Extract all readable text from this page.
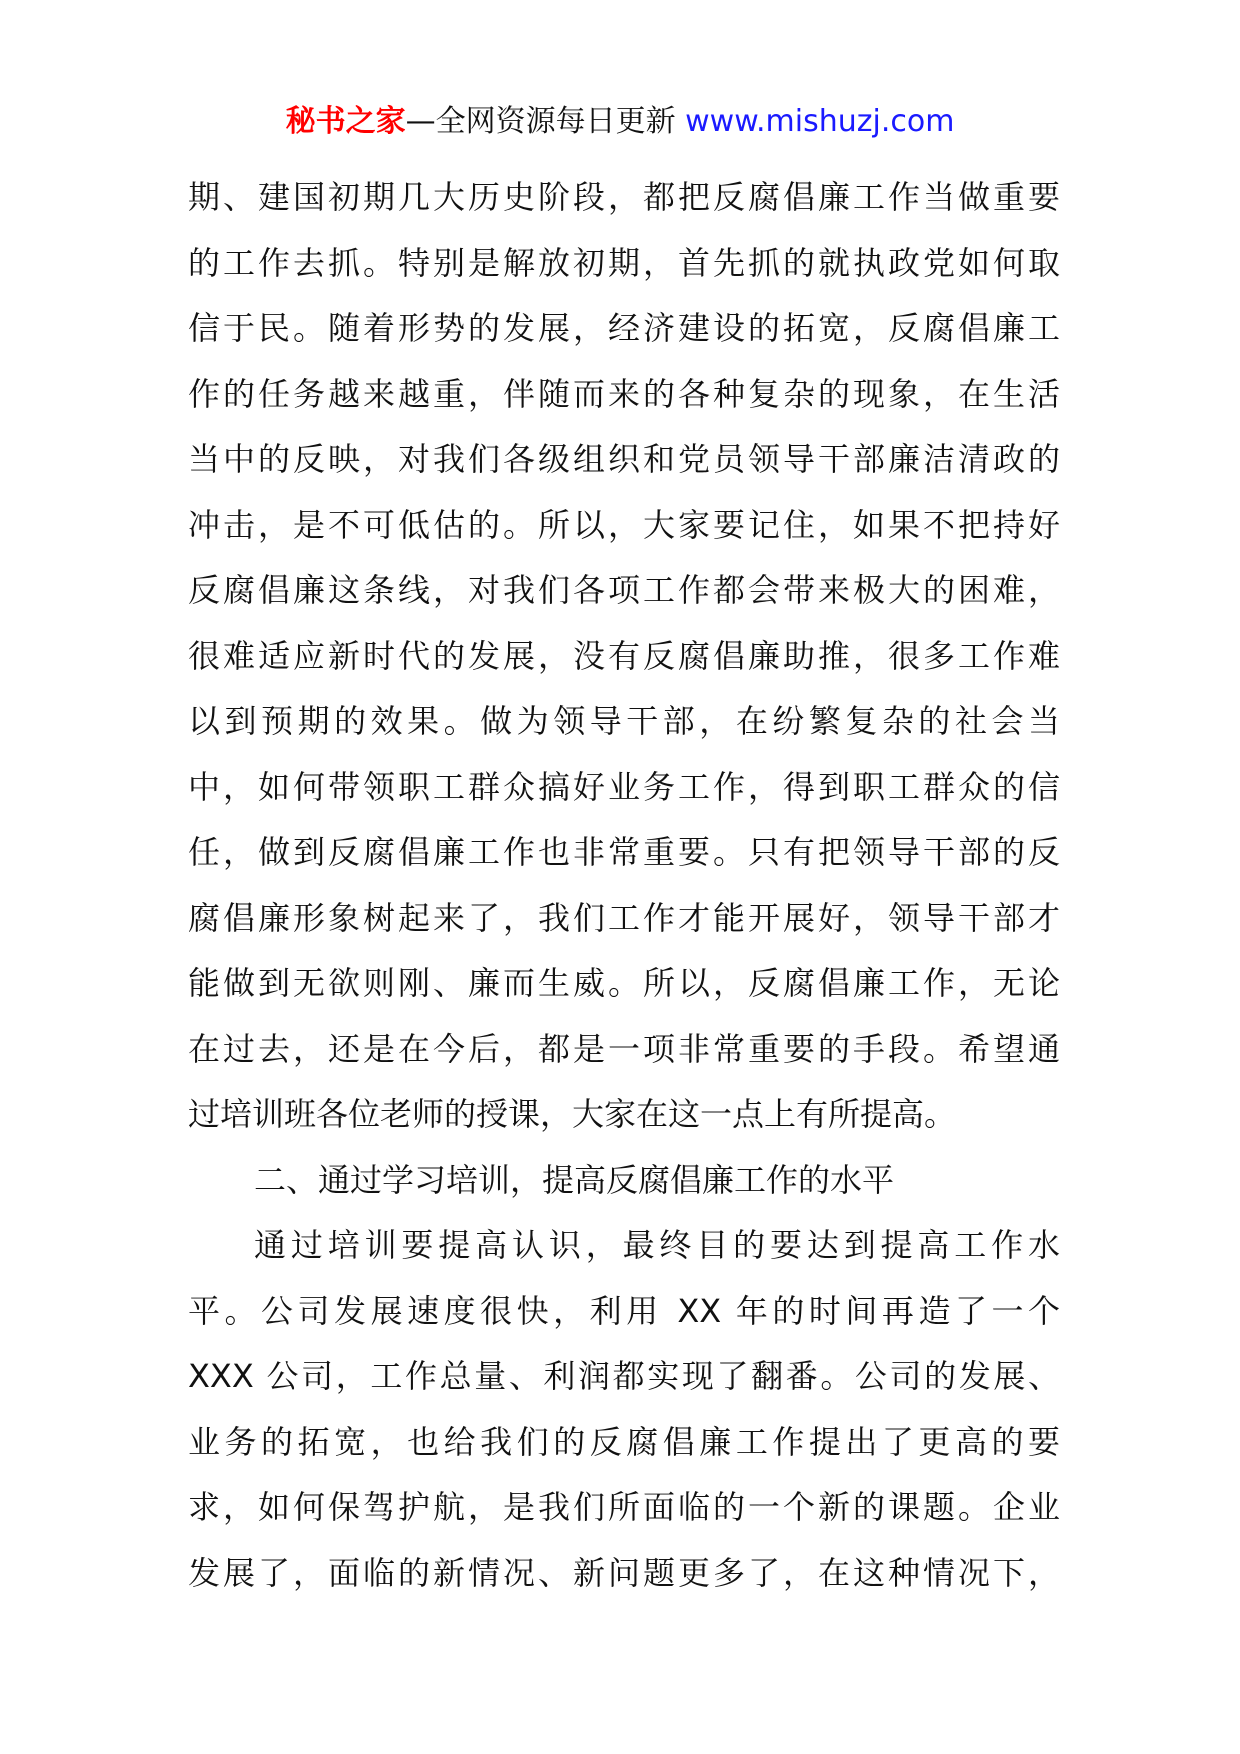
秘书之家—全网资源每日更新 www.mishuzj.com
期、建国初期几大历史阶段，都把反腐倡廉工作当做重要
的工作去抓。特别是解放初期，首先抓的就执政党如何取
信于民。随着形势的发展，经济建设的拓宽，反腐倡廉工
作的任务越来越重，伴随而来的各种复杂的现象，在生活
当中的反映，对我们各级组织和党员领导干部廉洁清政的
冲击，是不可低估的。所以，大家要记住，如果不把持好
反腐倡廉这条线，对我们各项工作都会带来极大的困难，
很难适应新时代的发展，没有反腐倡廉助推，很多工作难
以到预期的效果。做为领导干部，在纷繁复杂的社会当
中，如何带领职工群众搞好业务工作，得到职工群众的信
任，做到反腐倡廉工作也非常重要。只有把领导干部的反
腐倡廉形象树起来了，我们工作才能开展好，领导干部才
能做到无欲则刚、廉而生威。所以，反腐倡廉工作，无论
在过去，还是在今后，都是一项非常重要的手段。希望通
过培训班各位老师的授课，大家在这一点上有所提高。
二、通过学习培训，提高反腐倡廉工作的水平
通过培训要提高认识，最终目的要达到提高工作水
平。公司发展速度很快，利用 XX 年的时间再造了一个
XXX 公司，工作总量、利润都实现了翻番。公司的发展、
业务的拓宽，也给我们的反腐倡廉工作提出了更高的要
求，如何保驾护航，是我们所面临的一个新的课题。企业
发展了，面临的新情况、新问题更多了，在这种情况下，
